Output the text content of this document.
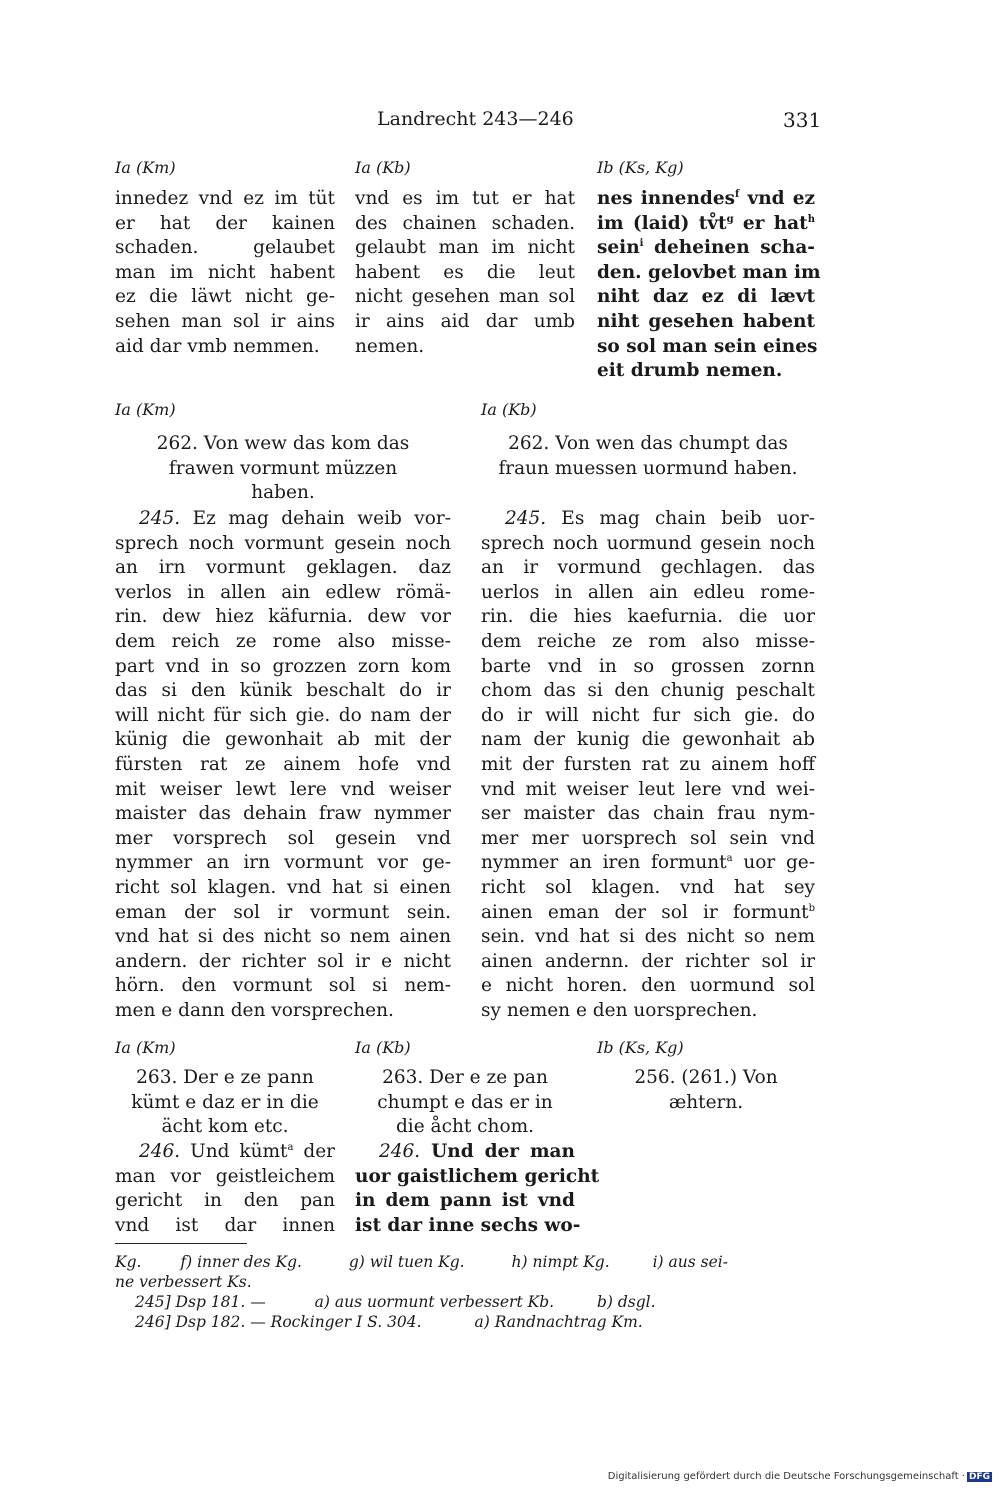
Landrecht 243—246	331
Ia (Km)	Ia (Kb)	Ib (Ks, Kg)
innedez vnd ez im tüt
er hat der kainen
schaden. gelaubet
man im nicht habent
ez die läwt nicht ge-
sehen man sol ir ains
aid dar vmb nemmen.
vnd es im tut er hat
des chainen schaden.
gelaubt man im nicht
habent es die leut
nicht gesehen man sol
ir ains aid dar umb
nemen.
nes innendes$^f$ vnd ez
im (laid) $tv̊t^g$ er hat$^h$
sein$^i$ deheinen scha-
den. gelovbet man im
niht daz ez di lævt
niht gesehen habent
so sol man sein eines
eit drumb nemen.
Ia (Km)	Ia (Kb)
262. Von wew das kom das
frawen vormunt müzzen
haben.
262. Von wen das chumpt das
fraun muessen uormund haben.
245. Ez mag dehain weib vor-
sprech noch vormunt gesein noch
an irn vormunt geklagen. daz
verlos in allen ain edlew römä-
rin. dew hiez käfurnia. dew vor
dem reich ze rome also misse-
part vnd in so grozzen zorn kom
das si den künik beschalt do ir
will nicht für sich gie. do nam der
künig die gewonhait ab mit der
fürsten rat ze ainem hofe vnd
mit weiser lewt lere vnd weiser
maister das dehain fraw nymmer
mer vorsprech sol gesein vnd
nymmer an irn vormunt vor ge-
richt sol klagen. vnd hat si einen
eman der sol ir vormunt sein.
vnd hat si des nicht so nem ainen
andern. der richter sol ir e nicht
hörn. den vormunt sol si nem-
men e dann den vorsprechen.
245. Es mag chain beib uor-
sprech noch uormund gesein noch
an ir vormund gechlagen. das
uerlos in allen ain edleu rome-
rin. die hies kaefurnia. die uor
dem reiche ze rom also misse-
barte vnd in so grossen zornn
chom das si den chunig peschalt
do ir will nicht fur sich gie. do
nam der kunig die gewonhait ab
mit der fursten rat zu ainem hoff
vnd mit weiser leut lere vnd wei-
ser maister das chain frau nym-
mer mer uorsprech sol sein vnd
nymmer an iren formunt$^a$ uor ge-
richt sol klagen. vnd hat sey
ainen eman der sol ir formunt$^b$
sein. vnd hat si des nicht so nem
ainen andernn. der richter sol ir
e nicht horen. den uormund sol
sy nemen e den uorsprechen.
Ia (Km)	Ia (Kb)	Ib (Ks, Kg)
263. Der e ze pann
kümt e daz er in die
ächt kom etc.
246. Und kümt$^a$ der
man vor geistleichem
gericht in den pan
vnd ist dar innen
263. Der e ze pan
chumpt e das er in
die åcht chom.
246. Und der man
uor gaistlichem gericht
in dem pann ist vnd
ist dar inne sechs wo-
256. (261.) Von
æhtern.
Kg.	f) inner des Kg.	g) wil tuen Kg.	h) nimpt Kg.	i) aus sei-
ne verbessert Ks.
245] Dsp 181. —	a) aus uormunt verbessert Kb.	b) dsgl.
246] Dsp 182. — Rockinger I S. 304.	a) Randnachtrag Km.
Digitalisierung gefördert durch die Deutsche Forschungsgemeinschaft · DFG
